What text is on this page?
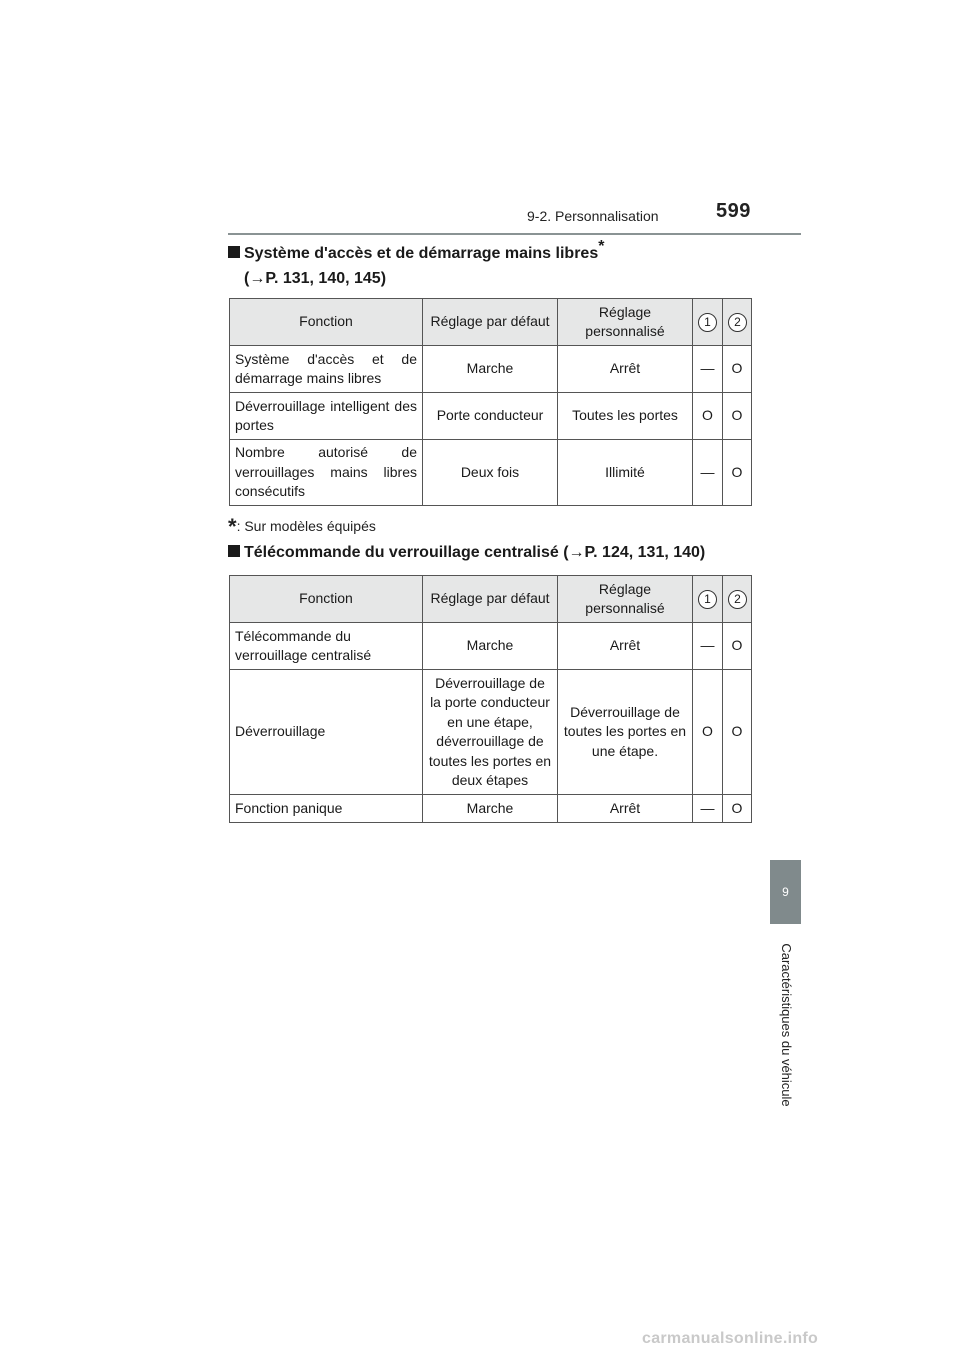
9-2. Personnalisation	599
Système d'accès et de démarrage mains libres*
(→P. 131, 140, 145)
Fonction	Réglage par défaut	Réglage personnalisé	1	2
Système d'accès et de démarrage mains libres	Marche	Arrêt	—	O
Déverrouillage intelligent des portes	Porte conducteur	Toutes les portes	O	O
Nombre autorisé de verrouillages mains libres consécutifs	Deux fois	Illimité	—	O
*: Sur modèles équipés
Télécommande du verrouillage centralisé (→P. 124, 131, 140)
Fonction	Réglage par défaut	Réglage personnalisé	1	2
Télécommande du verrouillage centralisé	Marche	Arrêt	—	O
Déverrouillage	Déverrouillage de la porte conducteur en une étape, déverrouillage de toutes les portes en deux étapes	Déverrouillage de toutes les portes en une étape.	O	O
Fonction panique	Marche	Arrêt	—	O
9
Caractéristiques du véhicule
carmanualsonline.info
